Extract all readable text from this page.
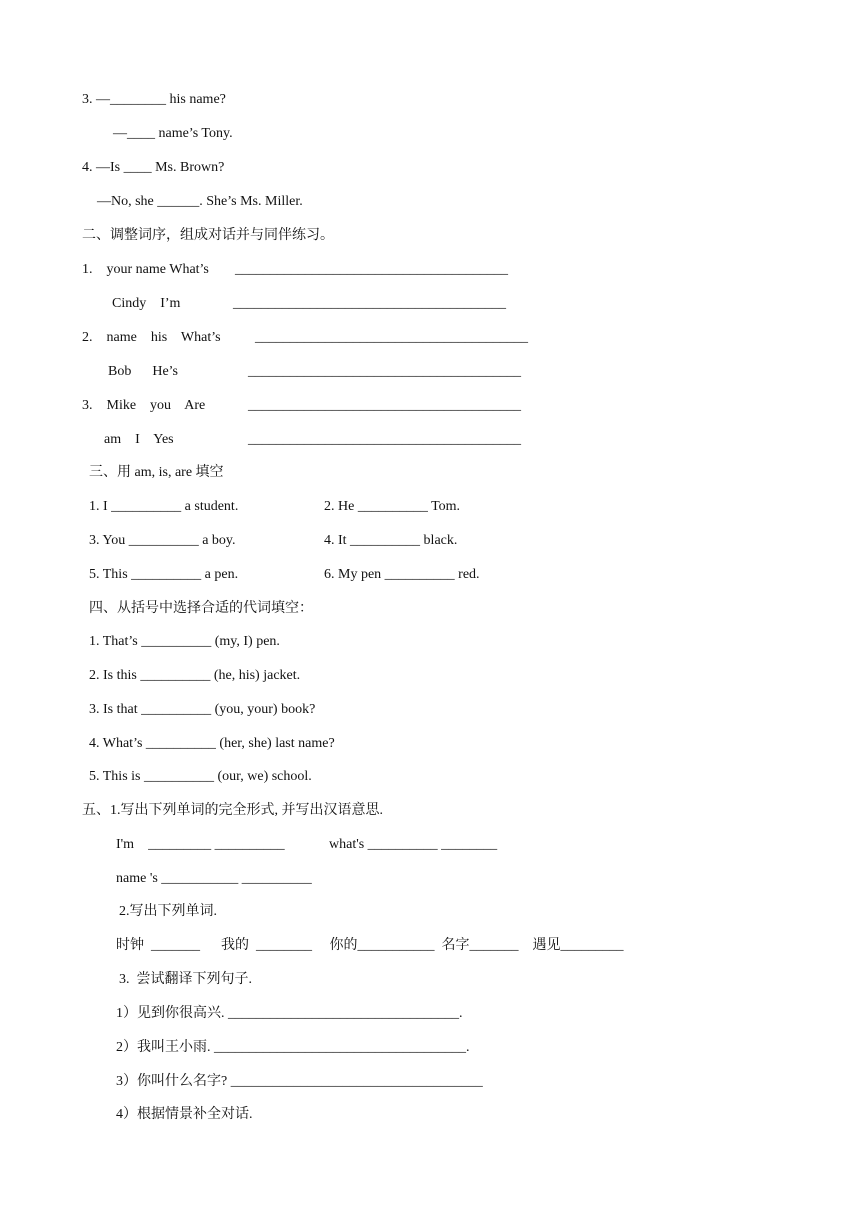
3. —________ his name?
—____ name’s Tony.
4. —Is ____ Ms. Brown?
—No, she ______. She’s Ms. Miller.
二、调整词序，组成对话并与同伴练习。
1.    your name What’s _______________________________________
Cindy    I’m	_______________________________________
2.    name    his    What’s _______________________________________
Bob      He’s	_______________________________________
3.    Mike    you    Are	_______________________________________
am    I    Yes	_______________________________________
三、用 am, is, are 填空
1. I __________ a student.	2. He __________ Tom.
3. You __________ a boy.	4. It __________ black.
5. This __________ a pen.	6. My pen __________ red.
四、从括号中选择合适的代词填空：
1. That’s __________ (my, I) pen.
2. Is this __________ (he, his) jacket.
3. Is that __________ (you, your) book?
4. What’s __________ (her, she) last name?
5. This is __________ (our, we) school.
五、1.写出下列单词的完全形式, 并写出汉语意思.
I'm    _________ __________	what's __________ ________
name 's ___________ __________
2.写出下列单词.
时钟  _______      我的  ________     你的___________  名字_______    遇见_________
3.  尝试翻译下列句子.
1）见到你很高兴. _________________________________.
2）我叫王小雨. ____________________________________.
3）你叫什么名字? ____________________________________
4）根据情景补全对话.
